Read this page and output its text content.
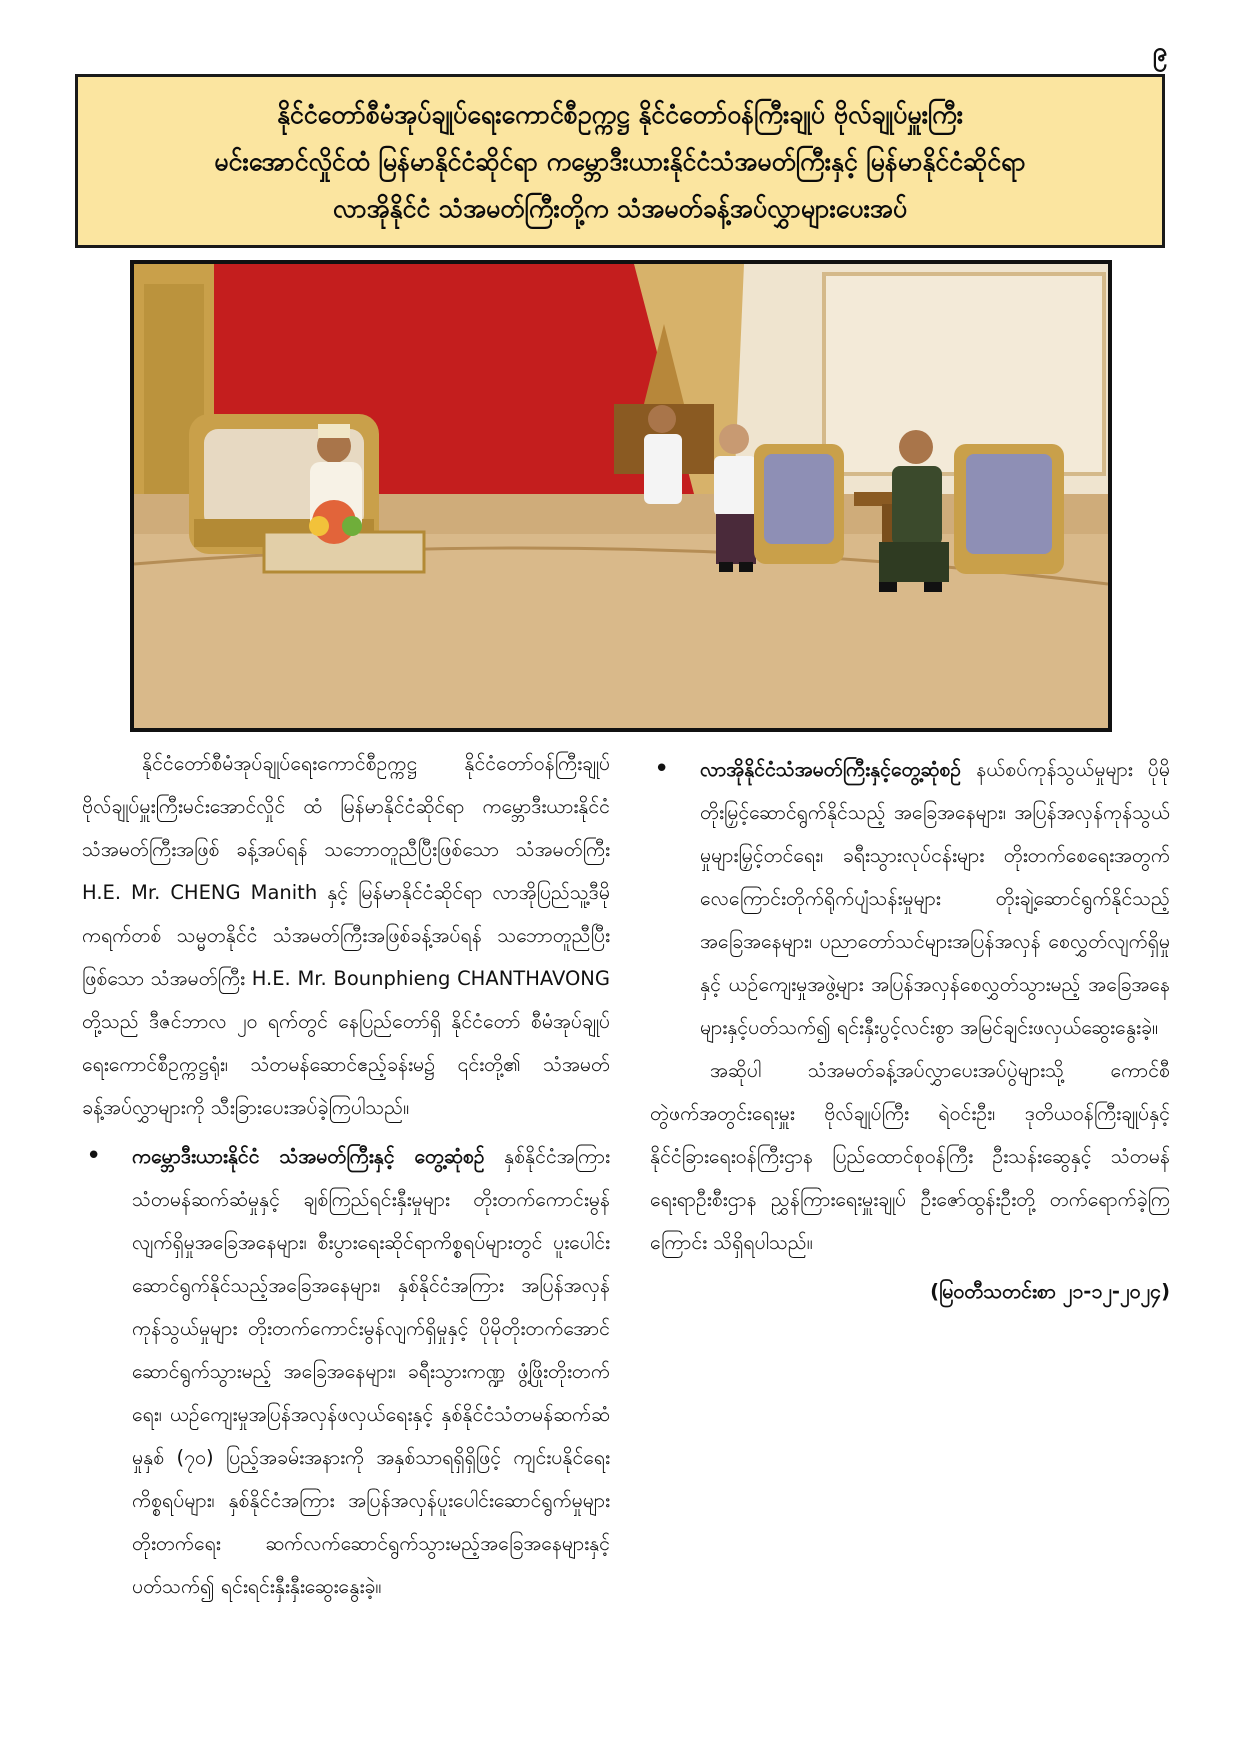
၉
နိုင်ငံတော်စီမံအုပ်ချုပ်ရေးကောင်စီဥက္ကဋ္ဌ နိုင်ငံတော်ဝန်ကြီးချုပ် ဗိုလ်ချုပ်မှူးကြီး
မင်းအောင်လှိုင်ထံ မြန်မာနိုင်ငံဆိုင်ရာ ကမ္ဘောဒီးယားနိုင်ငံသံအမတ်ကြီးနှင့် မြန်မာနိုင်ငံဆိုင်ရာ
လာအိုနိုင်ငံ သံအမတ်ကြီးတို့က သံအမတ်ခန့်အပ်လွှာများပေးအပ်

နိုင်ငံတော်စီမံအုပ်ချုပ်ရေးကောင်စီဥက္ကဋ္ဌ နိုင်ငံတော်ဝန်ကြီးချုပ် ဗိုလ်ချုပ်မှူးကြီးမင်းအောင်လှိုင် ထံ မြန်မာနိုင်ငံဆိုင်ရာ ကမ္ဘောဒီးယားနိုင်ငံသံအမတ်ကြီးအဖြစ် ခန့်အပ်ရန် သဘောတူညီပြီးဖြစ်သော သံအမတ်ကြီး H.E. Mr. CHENG Manith နှင့် မြန်မာနိုင်ငံဆိုင်ရာ လာအိုပြည်သူ့ဒီမိုကရက်တစ် သမ္မတနိုင်ငံ သံအမတ်ကြီးအဖြစ်ခန့်အပ်ရန် သဘောတူညီပြီး ဖြစ်သော သံအမတ်ကြီး H.E. Mr. Bounphieng CHANTHAVONG တို့သည် ဒီဇင်ဘာလ ၂၀ ရက်တွင် နေပြည်တော်ရှိ နိုင်ငံတော် စီမံအုပ်ချုပ်ရေးကောင်စီဥက္ကဋ္ဌရုံး၊ သံတမန်ဆောင်ဧည့်ခန်းမ၌ ၎င်းတို့၏ သံအမတ်ခန့်အပ်လွှာများကို သီးခြားပေးအပ်ခဲ့ကြပါသည်။

• ကမ္ဘောဒီးယားနိုင်ငံ သံအမတ်ကြီးနှင့် တွေ့ဆုံစဉ် နှစ်နိုင်ငံအကြား သံတမန်ဆက်ဆံမှုနှင့် ချစ်ကြည်ရင်းနှီးမှုများ တိုးတက်ကောင်းမွန်လျက်ရှိမှုအခြေအနေများ၊ စီးပွားရေးဆိုင်ရာကိစ္စရပ်များတွင် ပူးပေါင်းဆောင်ရွက်နိုင်သည့်အခြေအနေများ၊ နှစ်နိုင်ငံအကြား အပြန်အလှန် ကုန်သွယ်မှုများ တိုးတက်ကောင်းမွန်လျက်ရှိမှုနှင့် ပိုမိုတိုးတက်အောင် ဆောင်ရွက်သွားမည့် အခြေအနေများ၊ ခရီးသွားကဏ္ဍ ဖွံ့ဖြိုးတိုးတက်ရေး၊ ယဉ်ကျေးမှုအပြန်အလှန်ဖလှယ်ရေးနှင့် နှစ်နိုင်ငံသံတမန်ဆက်ဆံမှုနှစ် (၇၀) ပြည့်အခမ်းအနားကို အနှစ်သာရရှိရှိဖြင့် ကျင်းပနိုင်ရေး ကိစ္စရပ်များ၊ နှစ်နိုင်ငံအကြား အပြန်အလှန်ပူးပေါင်းဆောင်ရွက်မှုများတိုးတက်ရေး ဆက်လက်ဆောင်ရွက်သွားမည့်အခြေအနေများနှင့်ပတ်သက်၍ ရင်းရင်းနှီးနှီးဆွေးနွေးခဲ့။
• လာအိုနိုင်ငံသံအမတ်ကြီးနှင့်တွေ့ဆုံစဉ် နယ်စပ်ကုန်သွယ်မှုများ ပိုမိုတိုးမြှင့်ဆောင်ရွက်နိုင်သည့် အခြေအနေများ၊ အပြန်အလှန်ကုန်သွယ်မှုများမြှင့်တင်ရေး၊ ခရီးသွားလုပ်ငန်းများ တိုးတက်စေရေးအတွက် လေကြောင်းတိုက်ရိုက်ပျံသန်းမှုများ တိုးချဲ့ဆောင်ရွက်နိုင်သည့်အခြေအနေများ၊ ပညာတော်သင်များအပြန်အလှန် စေလွှတ်လျက်ရှိမှုနှင့် ယဉ်ကျေးမှုအဖွဲ့များ အပြန်အလှန်စေလွှတ်သွားမည့် အခြေအနေများနှင့်ပတ်သက်၍ ရင်းနှီးပွင့်လင်းစွာ အမြင်ချင်းဖလှယ်ဆွေးနွေးခဲ့။

အဆိုပါ သံအမတ်ခန့်အပ်လွှာပေးအပ်ပွဲများသို့ ကောင်စီတွဲဖက်အတွင်းရေးမှူး ဗိုလ်ချုပ်ကြီး ရဲဝင်းဦး၊ ဒုတိယဝန်ကြီးချုပ်နှင့် နိုင်ငံခြားရေးဝန်ကြီးဌာန ပြည်ထောင်စုဝန်ကြီး ဦးသန်းဆွေနှင့် သံတမန်ရေးရာဦးစီးဌာန ညွှန်ကြားရေးမှူးချုပ် ဦးဇော်ထွန်းဦးတို့ တက်ရောက်ခဲ့ကြကြောင်း သိရှိရပါသည်။

(မြဝတီသတင်းစာ ၂၁-၁၂-၂၀၂၄)
